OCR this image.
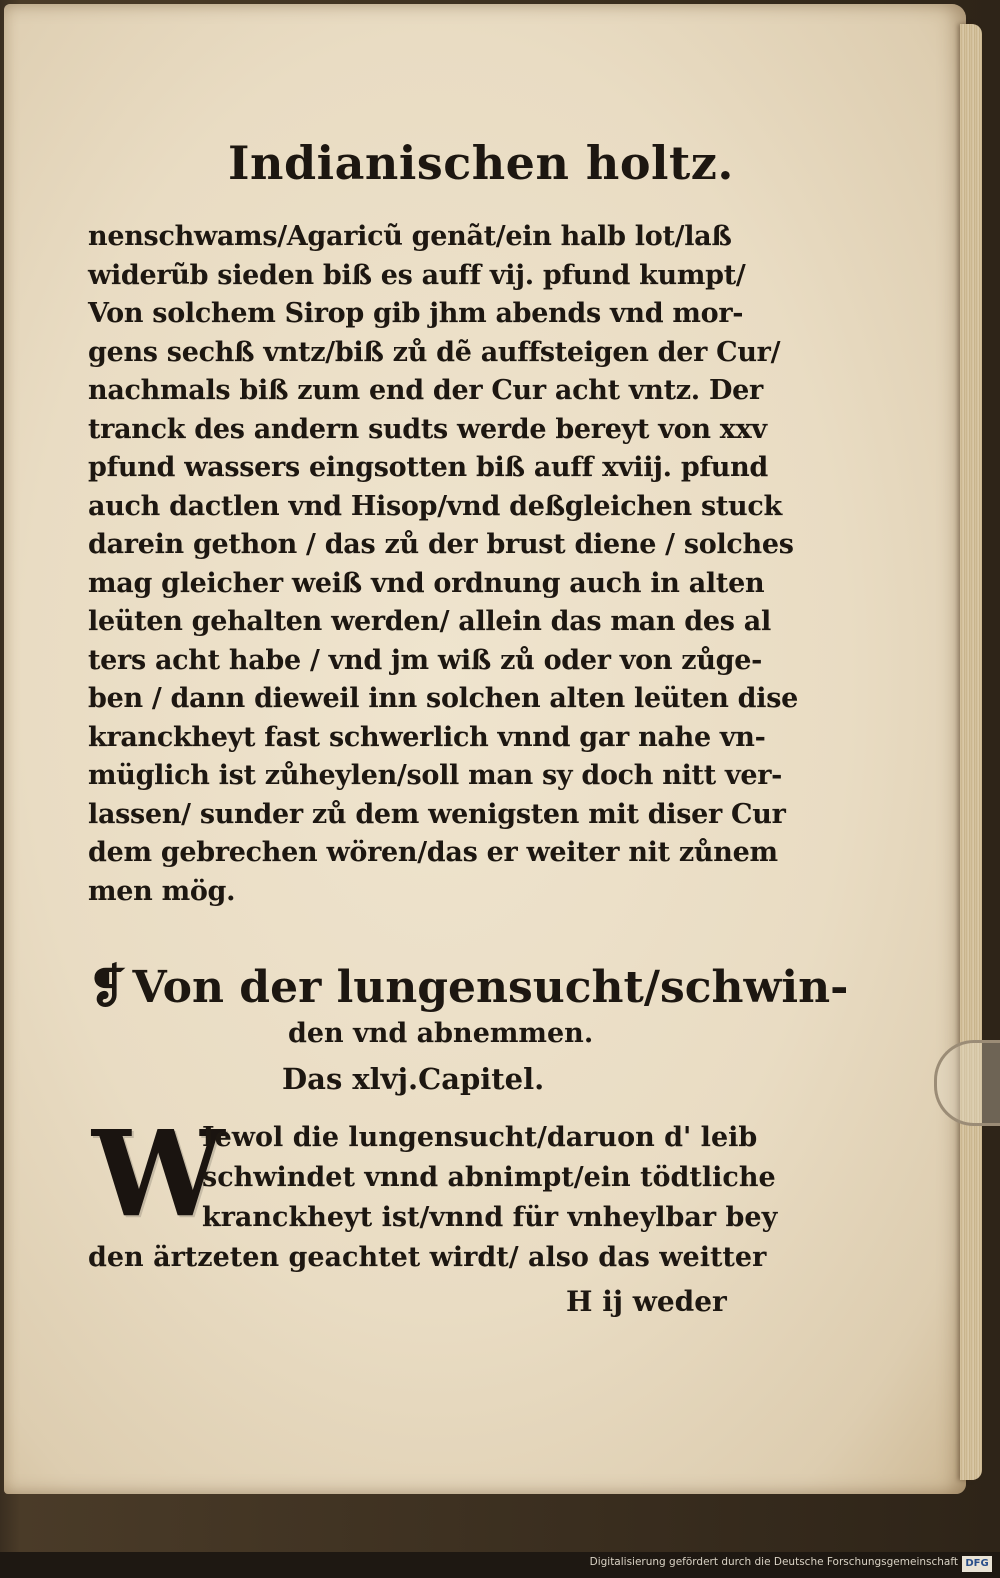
Indianischen holtz.
nenschwams/Agaricũ genãt/ein halb lot/laß
widerũb sieden biß es auff vij. pfund kumpt/
Von solchem Sirop gib jhm abends vnd mor-
gens sechß vntz/biß zů dẽ auffsteigen der Cur/
nachmals biß zum end der Cur acht vntz. Der
tranck des andern sudts werde bereyt von xxv
pfund wassers eingsotten biß auff xviij. pfund
auch dactlen vnd Hisop/vnd deßgleichen stuck
darein gethon / das zů der brust diene / solches
mag gleicher weiß vnd ordnung auch in alten
leüten gehalten werden/ allein das man des al
ters acht habe / vnd jm wiß zů oder von zůge-
ben / dann dieweil inn solchen alten leüten dise
kranckheyt fast schwerlich vnnd gar nahe vn-
müglich ist zůheylen/soll man sy doch nitt ver-
lassen/ sunder zů dem wenigsten mit diser Cur
dem gebrechen wören/das er weiter nit zůnem
men mög.
❡ Von der lungensucht/schwin-
den vnd abnemmen.
Das xlvj.Capitel.
W
Iewol die lungensucht/daruon d' leib
schwindet vnnd abnimpt/ein tödtliche
kranckheyt ist/vnnd für vnheylbar bey
den ärtzeten geachtet wirdt/ also das weitter
H ij weder
Digitalisierung gefördert durch die Deutsche Forschungsgemeinschaft DFG
